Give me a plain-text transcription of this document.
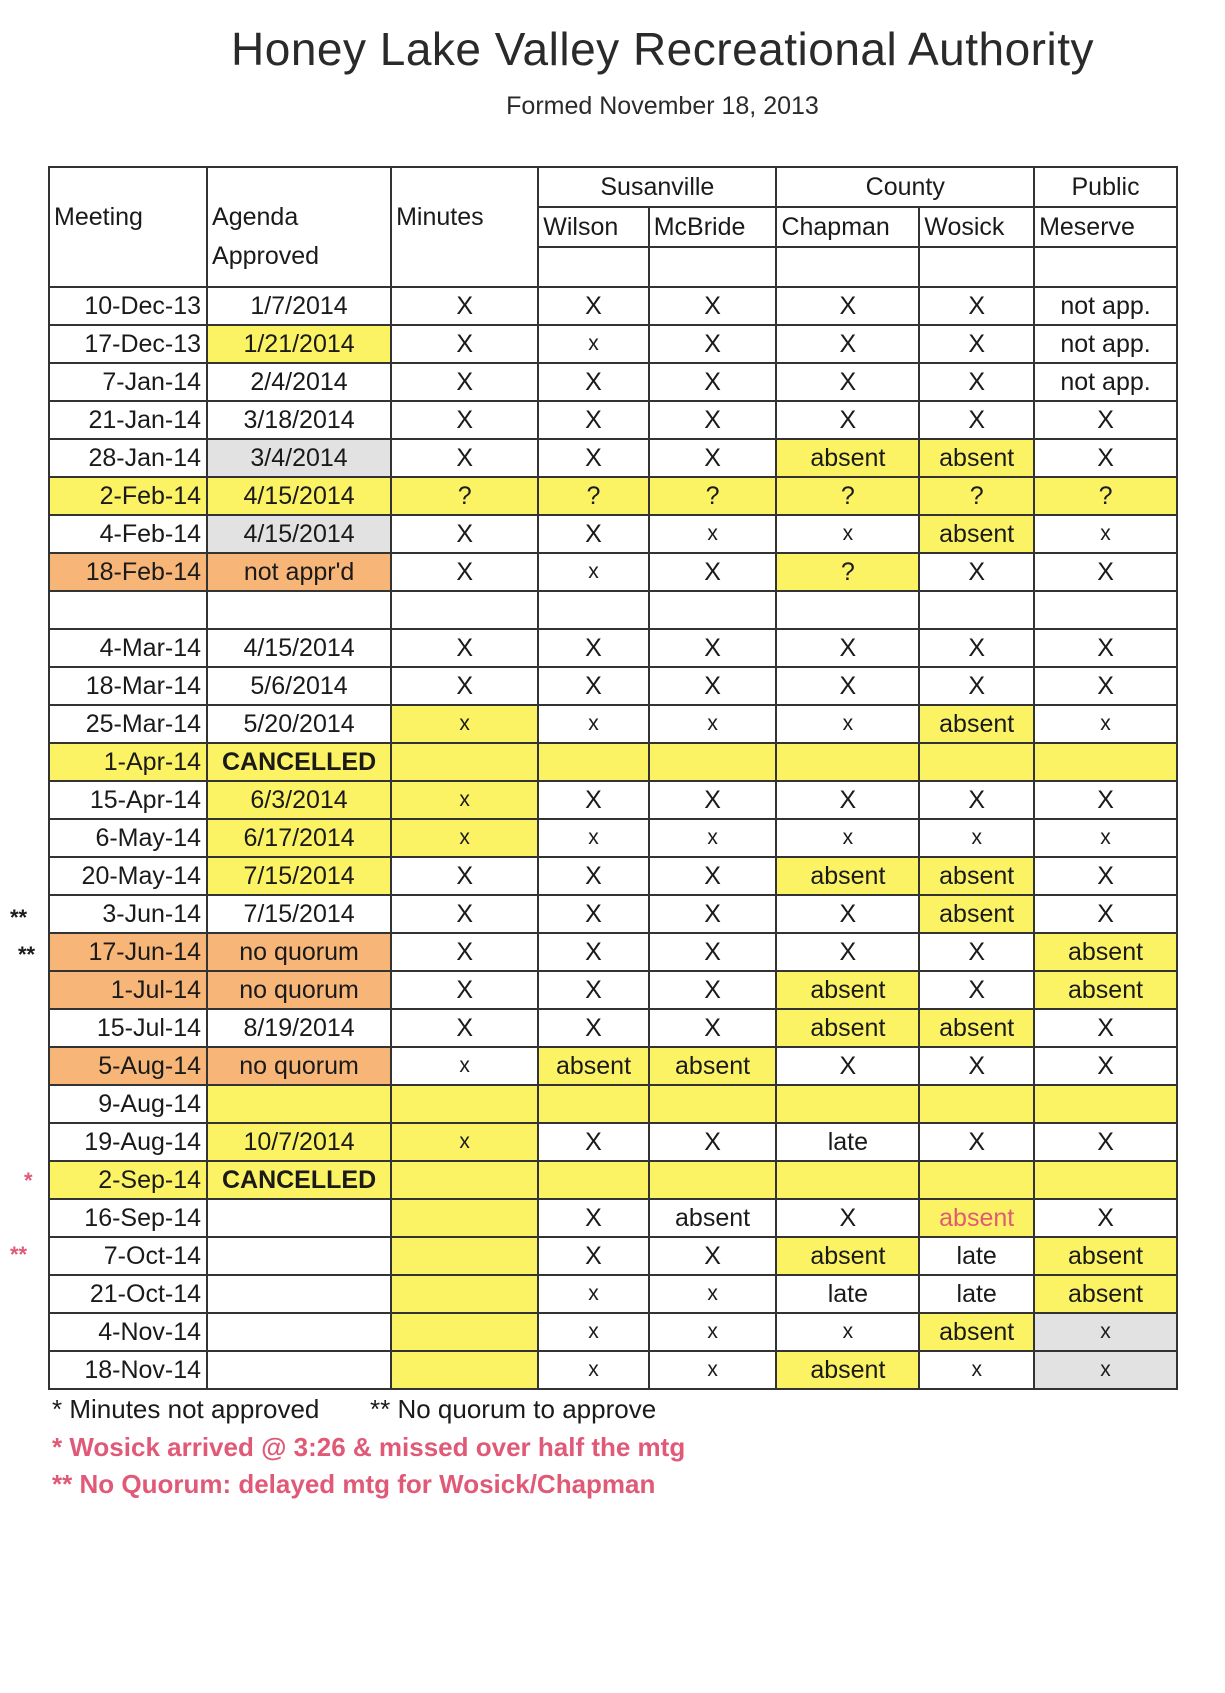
Honey Lake Valley Recreational Authority
Formed November 18, 2013
Meeting	Agenda Approved	Minutes	Susanville		County		Public
			Wilson	McBride	Chapman	Wosick	Meserve

10-Dec-13	1/7/2014	X	X	X	X	X	not app.
17-Dec-13	1/21/2014	X	x	X	X	X	not app.
7-Jan-14	2/4/2014	X	X	X	X	X	not app.
21-Jan-14	3/18/2014	X	X	X	X	X	X
28-Jan-14	3/4/2014	X	X	X	absent	absent	X
2-Feb-14	4/15/2014	?	?	?	?	?	?
4-Feb-14	4/15/2014	X	X	x	x	absent	x
18-Feb-14	not appr'd	X	x	X	?	X	X

4-Mar-14	4/15/2014	X	X	X	X	X	X
18-Mar-14	5/6/2014	X	X	X	X	X	X
25-Mar-14	5/20/2014	x	x	x	x	absent	x
1-Apr-14	CANCELLED						
15-Apr-14	6/3/2014	x	X	X	X	X	X
6-May-14	6/17/2014	x	x	x	x	x	x
20-May-14	7/15/2014	X	X	X	absent	absent	X
3-Jun-14	7/15/2014	X	X	X	X	absent	X
17-Jun-14	no quorum	X	X	X	X	X	absent
1-Jul-14	no quorum	X	X	X	absent	X	absent
15-Jul-14	8/19/2014	X	X	X	absent	absent	X
5-Aug-14	no quorum	x	absent	absent	X	X	X
9-Aug-14							
19-Aug-14	10/7/2014	x	X	X	late	X	X
2-Sep-14	CANCELLED						
16-Sep-14			X	absent	X	absent	X
7-Oct-14			X	X	absent	late	absent
21-Oct-14			x	x	late	late	absent
4-Nov-14			x	x	x	absent	x
18-Nov-14			x	x	absent	x	x
**
**
*
**
* Minutes not approved ** No quorum to approve
* Wosick arrived @ 3:26 & missed over half the mtg
** No Quorum: delayed mtg for Wosick/Chapman
